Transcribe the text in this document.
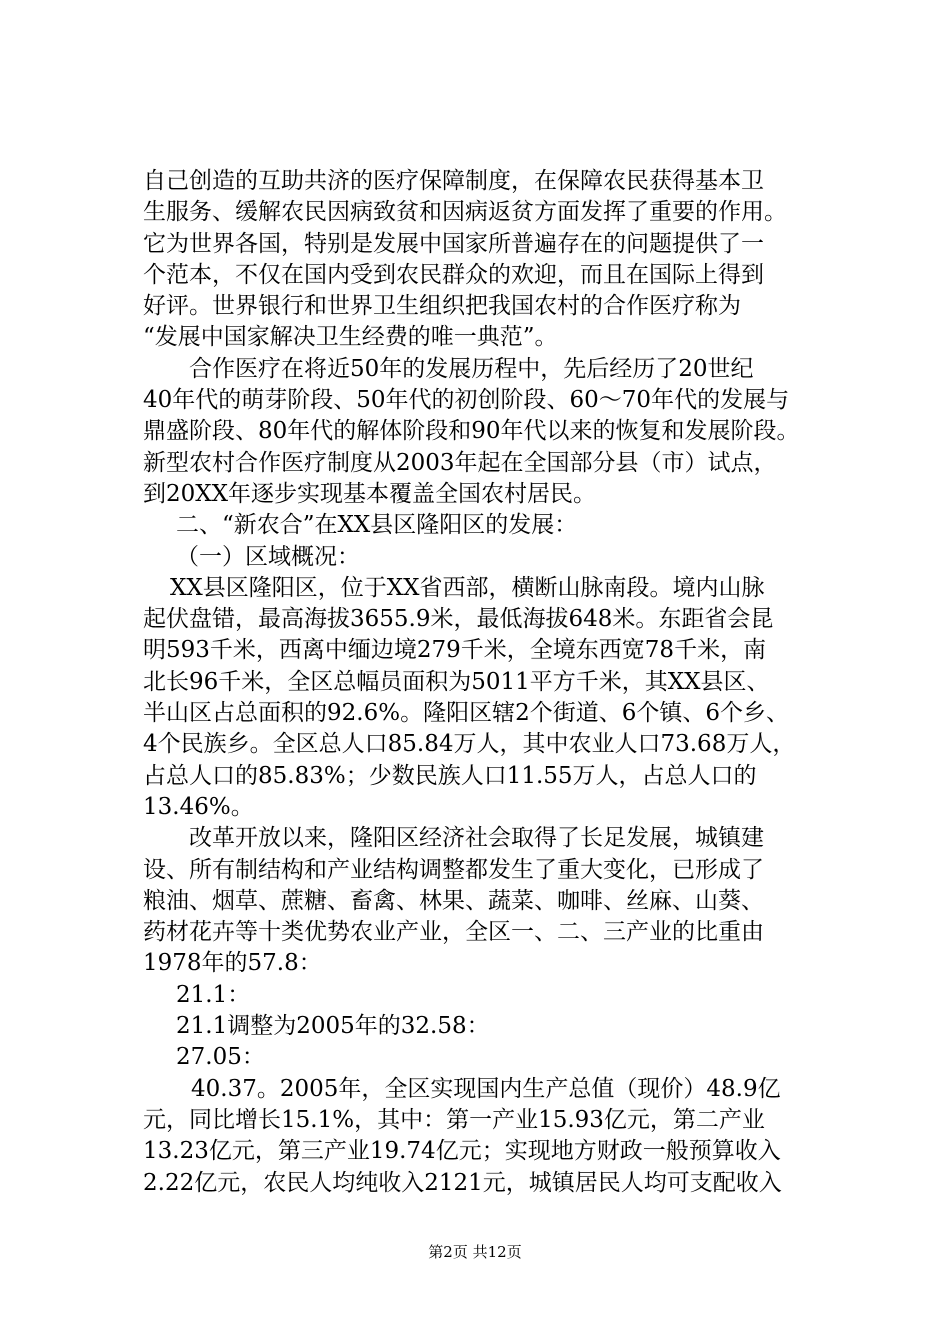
自己创造的互助共济的医疗保障制度，在保障农民获得基本卫
生服务、缓解农民因病致贫和因病返贫方面发挥了重要的作用。
它为世界各国，特别是发展中国家所普遍存在的问题提供了一
个范本，不仅在国内受到农民群众的欢迎，而且在国际上得到
好评。世界银行和世界卫生组织把我国农村的合作医疗称为
“发展中国家解决卫生经费的唯一典范”。
合作医疗在将近50年的发展历程中，先后经历了20世纪
40年代的萌芽阶段、50年代的初创阶段、60～70年代的发展与
鼎盛阶段、80年代的解体阶段和90年代以来的恢复和发展阶段。
新型农村合作医疗制度从2003年起在全国部分县（市）试点，
到20XX年逐步实现基本覆盖全国农村居民。
二、“新农合”在XX县区隆阳区的发展：
（一）区域概况：
XX县区隆阳区，位于XX省西部，横断山脉南段。境内山脉
起伏盘错，最高海拔3655.9米，最低海拔648米。东距省会昆
明593千米，西离中缅边境279千米，全境东西宽78千米，南
北长96千米，全区总幅员面积为5011平方千米，其XX县区、
半山区占总面积的92.6%。隆阳区辖2个街道、6个镇、6个乡、
4个民族乡。全区总人口85.84万人，其中农业人口73.68万人，
占总人口的85.83%；少数民族人口11.55万人，占总人口的
13.46%。
改革开放以来，隆阳区经济社会取得了长足发展，城镇建
设、所有制结构和产业结构调整都发生了重大变化，已形成了
粮油、烟草、蔗糖、畜禽、林果、蔬菜、咖啡、丝麻、山葵、
药材花卉等十类优势农业产业，全区一、二、三产业的比重由
1978年的57.8：
21.1：
21.1调整为2005年的32.58：
27.05：
40.37。2005年，全区实现国内生产总值（现价）48.9亿
元，同比增长15.1%，其中：第一产业15.93亿元，第二产业
13.23亿元，第三产业19.74亿元；实现地方财政一般预算收入
2.22亿元，农民人均纯收入2121元，城镇居民人均可支配收入
第2页 共12页
